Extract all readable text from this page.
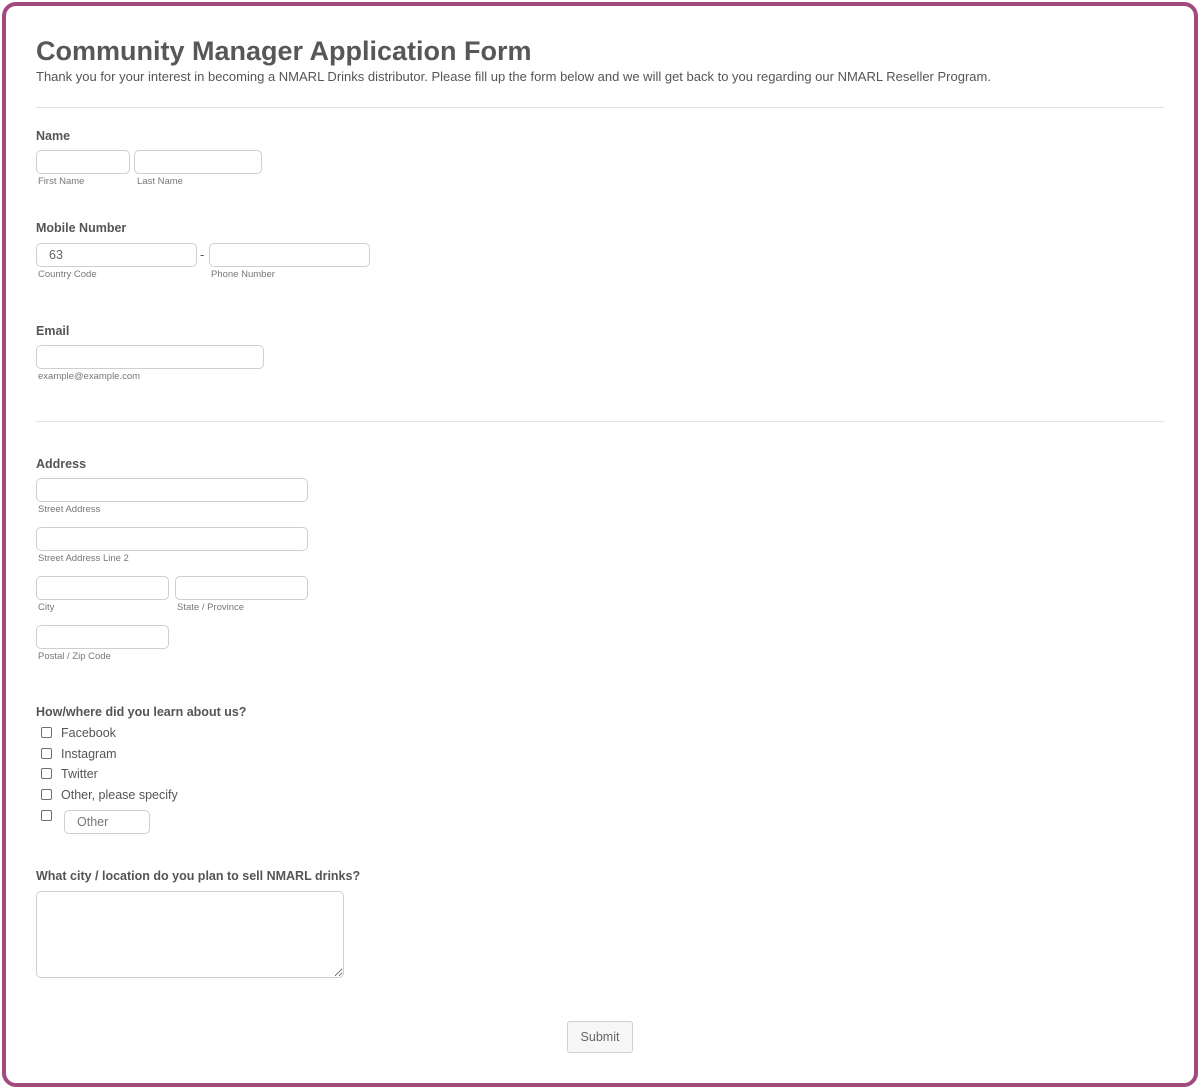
Community Manager Application Form
Thank you for your interest in becoming a NMARL Drinks distributor. Please fill up the form below and we will get back to you regarding our NMARL Reseller Program.
Name
First Name	Last Name
Mobile Number
63
-
Country Code	Phone Number
Email
example@example.com
Address
Street Address
Street Address Line 2
City	State / Province
Postal / Zip Code
How/where did you learn about us?
Facebook
Instagram
Twitter
Other, please specify
Other
What city / location do you plan to sell NMARL drinks?
Submit
